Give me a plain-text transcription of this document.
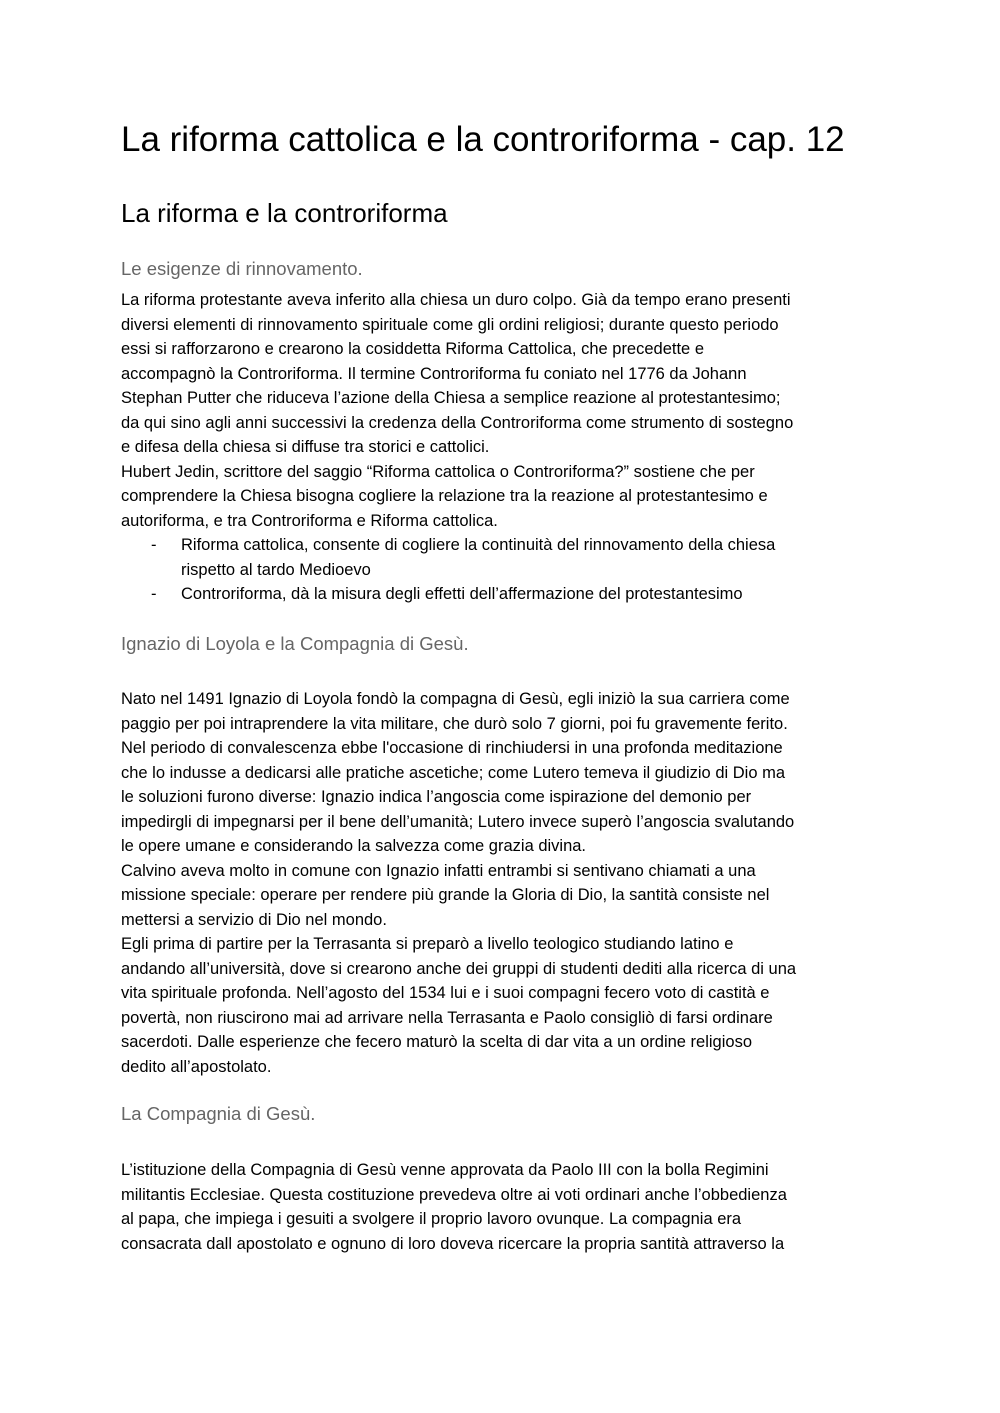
La riforma cattolica e la controriforma - cap. 12
La riforma e la controriforma
Le esigenze di rinnovamento.
La riforma protestante aveva inferito alla chiesa un duro colpo. Già da tempo erano presenti
diversi elementi di rinnovamento spirituale come gli ordini religiosi; durante questo periodo
essi si rafforzarono e crearono la cosiddetta Riforma Cattolica, che precedette e
accompagnò la Controriforma. Il termine Controriforma fu coniato nel 1776 da Johann
Stephan Putter che riduceva l’azione della Chiesa a semplice reazione al protestantesimo;
da qui sino agli anni successivi la credenza della Controriforma come strumento di sostegno
e difesa della chiesa si diffuse tra storici e cattolici.
Hubert Jedin, scrittore del saggio “Riforma cattolica o Controriforma?” sostiene che per
comprendere la Chiesa bisogna cogliere la relazione tra la reazione al protestantesimo e
autoriforma, e tra Controriforma e Riforma cattolica.
- Riforma cattolica, consente di cogliere la continuità del rinnovamento della chiesa
rispetto al tardo Medioevo
- Controriforma, dà la misura degli effetti dell’affermazione del protestantesimo
Ignazio di Loyola e la Compagnia di Gesù.
Nato nel 1491 Ignazio di Loyola fondò la compagna di Gesù, egli iniziò la sua carriera come
paggio per poi intraprendere la vita militare, che durò solo 7 giorni, poi fu gravemente ferito.
Nel periodo di convalescenza ebbe l'occasione di rinchiudersi in una profonda meditazione
che lo indusse a dedicarsi alle pratiche ascetiche; come Lutero temeva il giudizio di Dio ma
le soluzioni furono diverse: Ignazio indica l’angoscia come ispirazione del demonio per
impedirgli di impegnarsi per il bene dell’umanità; Lutero invece superò l’angoscia svalutando
le opere umane e considerando la salvezza come grazia divina.
Calvino aveva molto in comune con Ignazio infatti entrambi si sentivano chiamati a una
missione speciale: operare per rendere più grande la Gloria di Dio, la santità consiste nel
mettersi a servizio di Dio nel mondo.
Egli prima di partire per la Terrasanta si preparò a livello teologico studiando latino e
andando all’università, dove si crearono anche dei gruppi di studenti dediti alla ricerca di una
vita spirituale profonda. Nell’agosto del 1534 lui e i suoi compagni fecero voto di castità e
povertà, non riuscirono mai ad arrivare nella Terrasanta e Paolo consigliò di farsi ordinare
sacerdoti. Dalle esperienze che fecero maturò la scelta di dar vita a un ordine religioso
dedito all’apostolato.
La Compagnia di Gesù.
L’istituzione della Compagnia di Gesù venne approvata da Paolo III con la bolla Regimini
militantis Ecclesiae. Questa costituzione prevedeva oltre ai voti ordinari anche l’obbedienza
al papa, che impiega i gesuiti a svolgere il proprio lavoro ovunque. La compagnia era
consacrata dall apostolato e ognuno di loro doveva ricercare la propria santità attraverso la
